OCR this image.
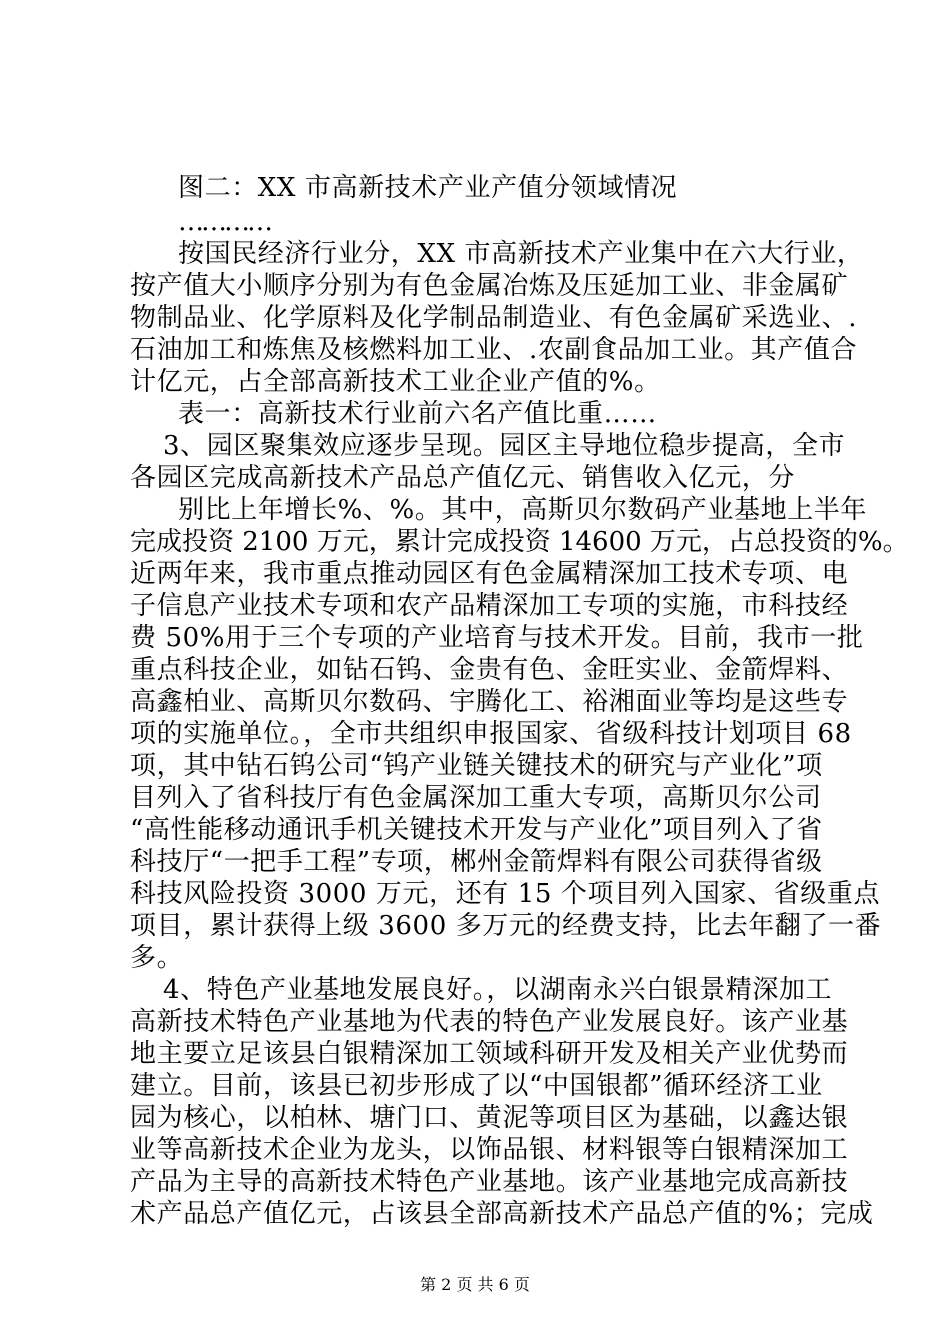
图二：XX 市高新技术产业产值分领域情况
…………
按国民经济行业分，XX 市高新技术产业集中在六大行业，
按产值大小顺序分别为有色金属冶炼及压延加工业、非金属矿
物制品业、化学原料及化学制品制造业、有色金属矿采选业、.
石油加工和炼焦及核燃料加工业、.农副食品加工业。其产值合
计亿元，占全部高新技术工业企业产值的%。
表一：高新技术行业前六名产值比重……
3、园区聚集效应逐步呈现。园区主导地位稳步提高，全市
各园区完成高新技术产品总产值亿元、销售收入亿元，分
别比上年增长%、%。其中，高斯贝尔数码产业基地上半年
完成投资 2100 万元，累计完成投资 14600 万元，占总投资的%。
近两年来，我市重点推动园区有色金属精深加工技术专项、电
子信息产业技术专项和农产品精深加工专项的实施，市科技经
费 50%用于三个专项的产业培育与技术开发。目前，我市一批
重点科技企业，如钻石钨、金贵有色、金旺实业、金箭焊料、
高鑫柏业、高斯贝尔数码、宇腾化工、裕湘面业等均是这些专
项的实施单位。，全市共组织申报国家、省级科技计划项目 68
项，其中钻石钨公司“钨产业链关键技术的研究与产业化”项
目列入了省科技厅有色金属深加工重大专项，高斯贝尔公司
“高性能移动通讯手机关键技术开发与产业化”项目列入了省
科技厅“一把手工程”专项，郴州金箭焊料有限公司获得省级
科技风险投资 3000 万元，还有 15 个项目列入国家、省级重点
项目，累计获得上级 3600 多万元的经费支持，比去年翻了一番
多。
4、特色产业基地发展良好。，以湖南永兴白银景精深加工
高新技术特色产业基地为代表的特色产业发展良好。该产业基
地主要立足该县白银精深加工领域科研开发及相关产业优势而
建立。目前，该县已初步形成了以“中国银都”循环经济工业
园为核心，以柏林、塘门口、黄泥等项目区为基础，以鑫达银
业等高新技术企业为龙头，以饰品银、材料银等白银精深加工
产品为主导的高新技术特色产业基地。该产业基地完成高新技
术产品总产值亿元，占该县全部高新技术产品总产值的%；完成
第 2 页 共 6 页
